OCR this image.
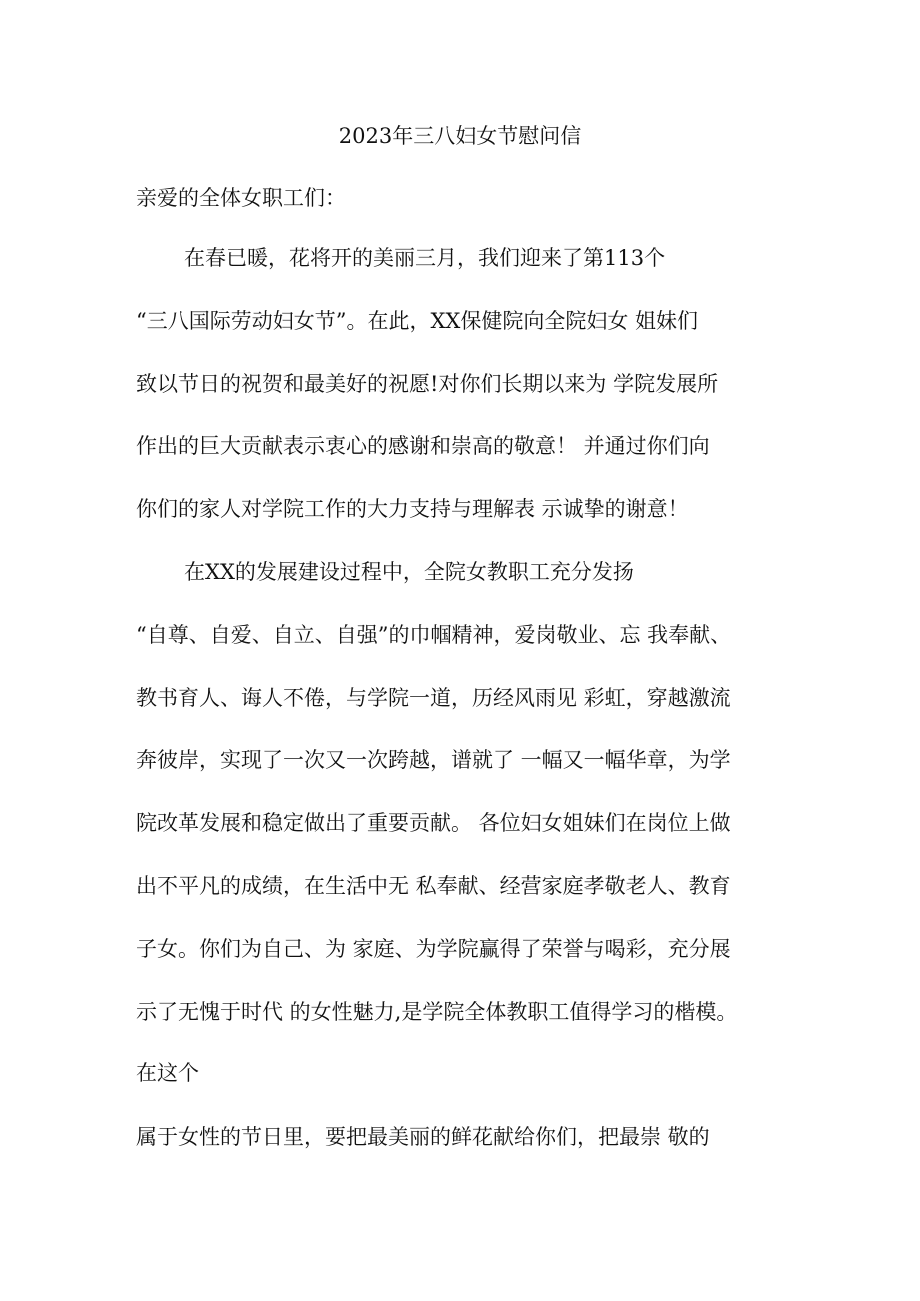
2023年三八妇女节慰问信
亲爱的全体女职工们：
在春已暖，花将开的美丽三月，我们迎来了第113个
“三八国际劳动妇女节”。在此，XX保健院向全院妇女 姐妹们
致以节日的祝贺和最美好的祝愿!对你们长期以来为 学院发展所
作出的巨大贡献表示衷心的感谢和崇高的敬意！ 并通过你们向
你们的家人对学院工作的大力支持与理解表 示诚挚的谢意！
在XX的发展建设过程中，全院女教职工充分发扬
“自尊、自爱、自立、自强”的巾帼精神，爱岗敬业、忘 我奉献、
教书育人、诲人不倦，与学院一道，历经风雨见 彩虹，穿越激流
奔彼岸，实现了一次又一次跨越，谱就了 一幅又一幅华章，为学
院改革发展和稳定做出了重要贡献。 各位妇女姐妹们在岗位上做
出不平凡的成绩，在生活中无 私奉献、经营家庭孝敬老人、教育
子女。你们为自己、为 家庭、为学院赢得了荣誉与喝彩，充分展
示了无愧于时代 的女性魅力,是学院全体教职工值得学习的楷模。
在这个
属于女性的节日里，要把最美丽的鲜花献给你们，把最崇 敬的
